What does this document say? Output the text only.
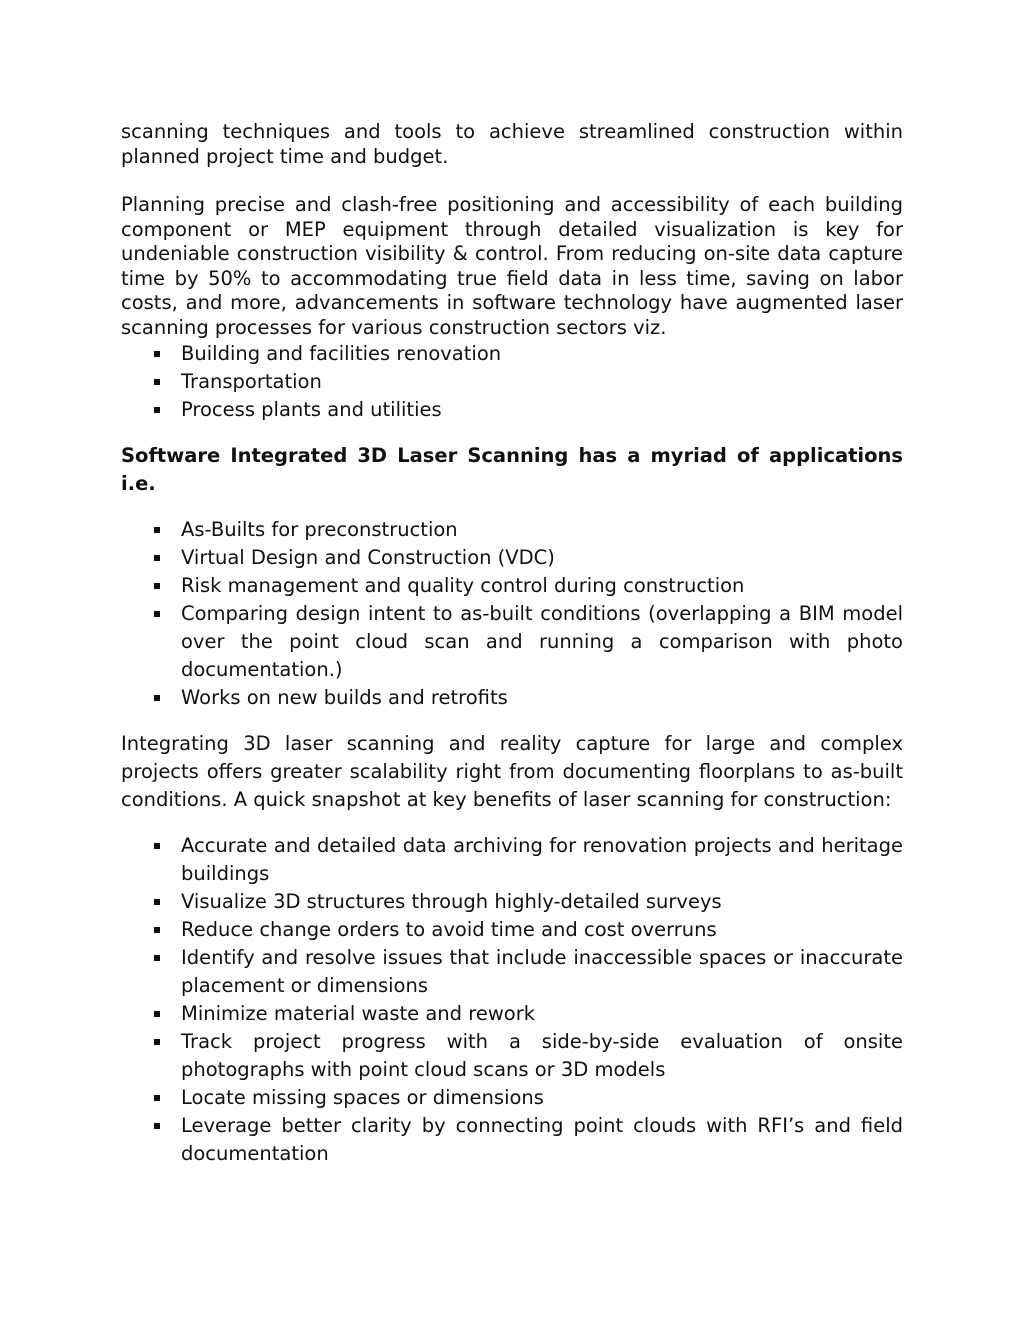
scanning techniques and tools to achieve streamlined construction within planned project time and budget.

Planning precise and clash-free positioning and accessibility of each building component or MEP equipment through detailed visualization is key for undeniable construction visibility & control. From reducing on-site data capture time by 50% to accommodating true field data in less time, saving on labor costs, and more, advancements in software technology have augmented laser scanning processes for various construction sectors viz.

Building and facilities renovation
Transportation
Process plants and utilities

Software Integrated 3D Laser Scanning has a myriad of applications i.e.

As-Builts for preconstruction
Virtual Design and Construction (VDC)
Risk management and quality control during construction
Comparing design intent to as-built conditions (overlapping a BIM model over the point cloud scan and running a comparison with photo documentation.)
Works on new builds and retrofits

Integrating 3D laser scanning and reality capture for large and complex projects offers greater scalability right from documenting floorplans to as-built conditions. A quick snapshot at key benefits of laser scanning for construction:

Accurate and detailed data archiving for renovation projects and heritage buildings
Visualize 3D structures through highly-detailed surveys
Reduce change orders to avoid time and cost overruns
Identify and resolve issues that include inaccessible spaces or inaccurate placement or dimensions
Minimize material waste and rework
Track project progress with a side-by-side evaluation of onsite photographs with point cloud scans or 3D models
Locate missing spaces or dimensions
Leverage better clarity by connecting point clouds with RFI’s and field documentation
